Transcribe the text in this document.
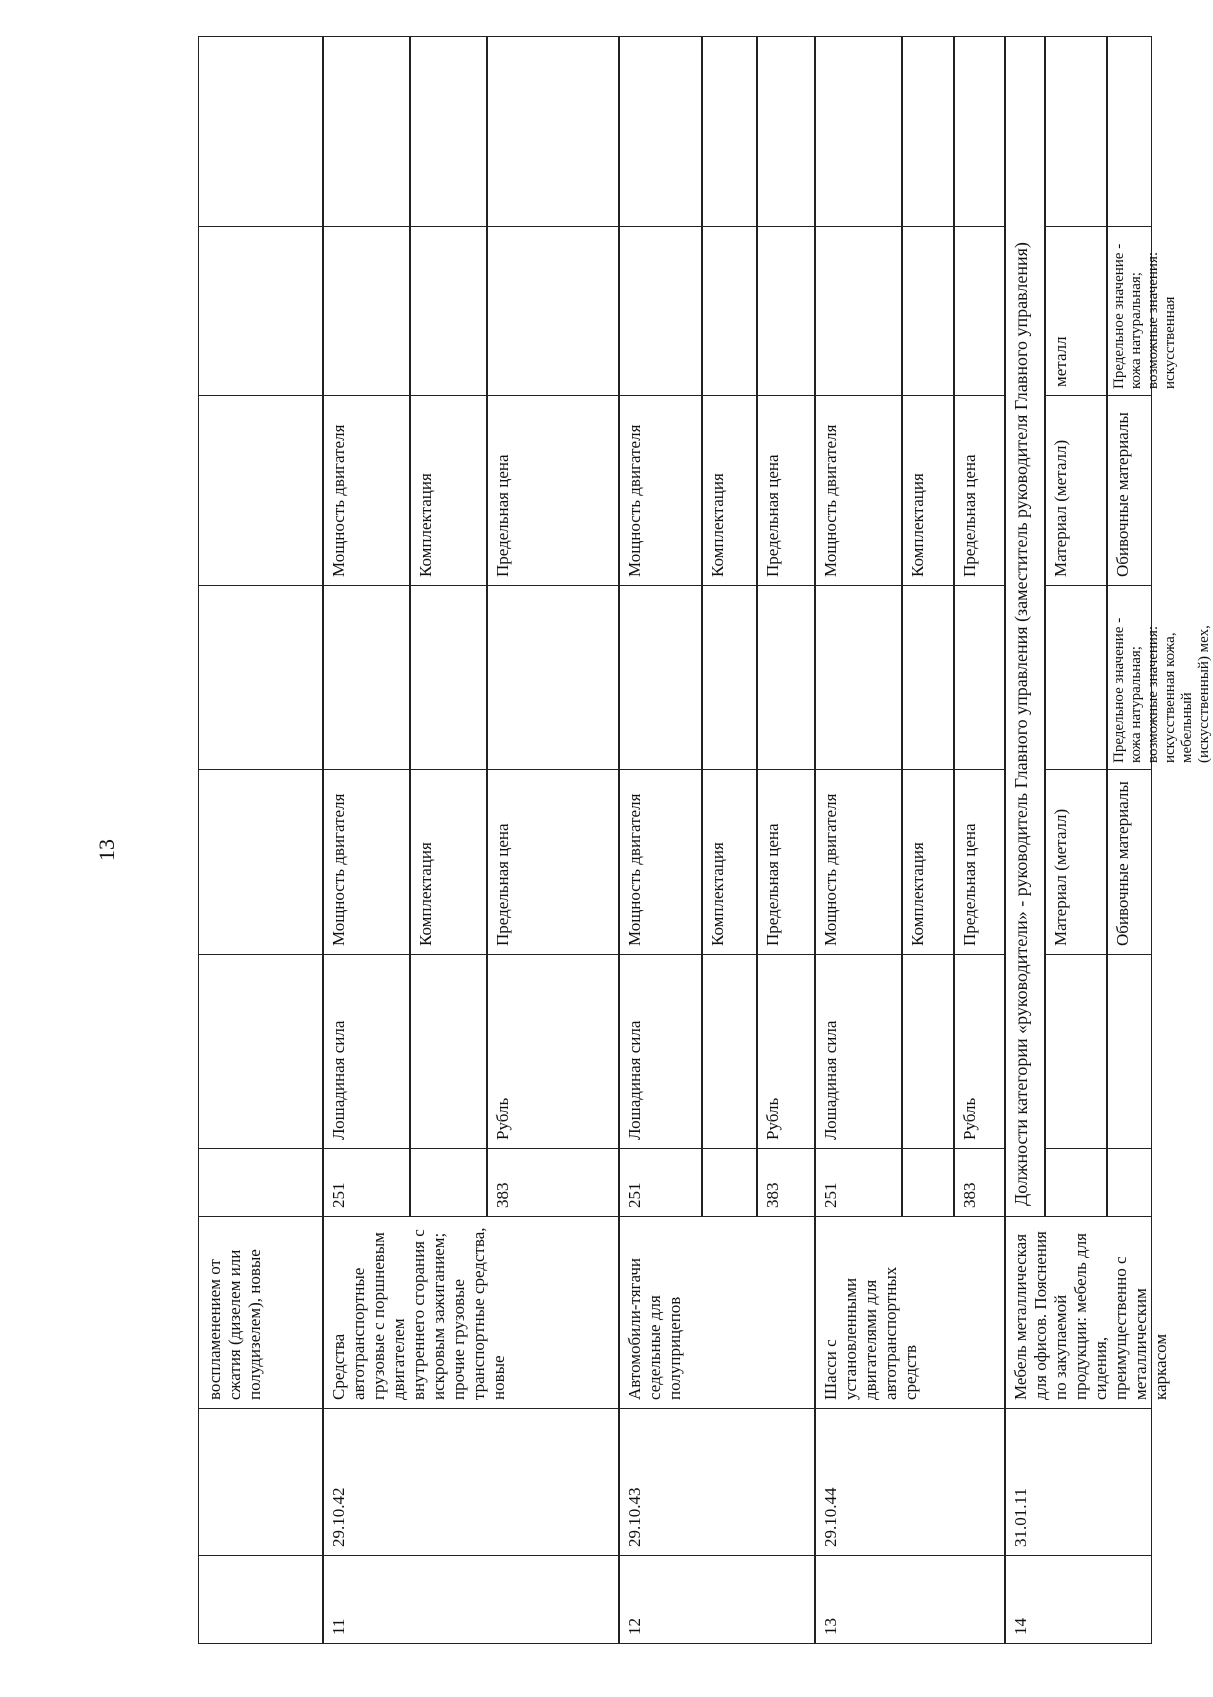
13
воспламенением от сжатия (дизелем или полудизелем), новые
11
29.10.42
Средства автотранспортные грузовые с поршневым двигателем внутреннего сгорания с искровым зажиганием; прочие грузовые транспортные средства, новые
251
Лошадиная сила
Мощность двигателя
Мощность двигателя
Комплектация
Комплектация
383
Рубль
Предельная цена
Предельная цена
12
29.10.43
Автомобили-тягачи седельные для полуприцепов
251
Лошадиная сила
Мощность двигателя
Мощность двигателя
Комплектация
Комплектация
383
Рубль
Предельная цена
Предельная цена
13
29.10.44
Шасси с установленными двигателями для автотранспортных средств
251
Лошадиная сила
Мощность двигателя
Мощность двигателя
Комплектация
Комплектация
383
Рубль
Предельная цена
Предельная цена
14
31.01.11
Мебель металлическая для офисов. Пояснения по закупаемой продукции: мебель для сидения, преимущественно с металлическим каркасом
Должности категории «руководители» - руководитель Главного управления (заместитель руководителя Главного управления)	Материал (металл)
Материал (металл)
металл
Обивочные материалы
Предельное значение - кожа натуральная; возможные значения: искусственная кожа, мебельный (искусственный) мех,
Обивочные материалы
Предельное значение - кожа натуральная; возможные значения: искусственная
